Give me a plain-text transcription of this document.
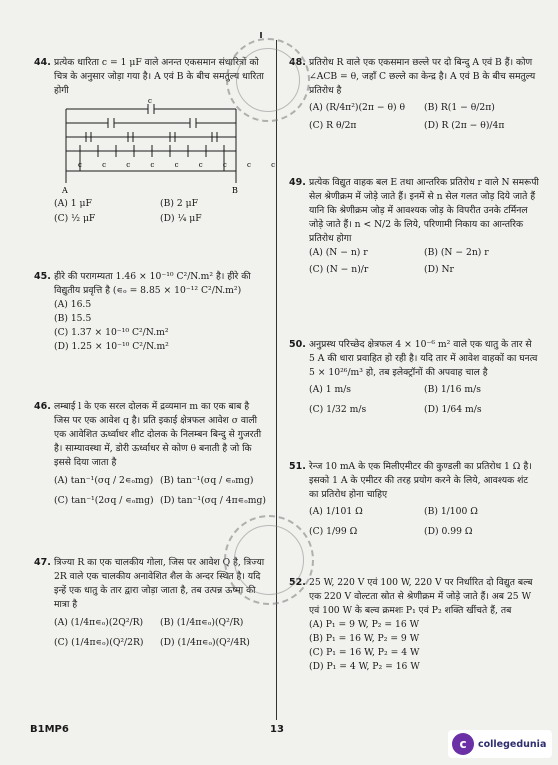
44. प्रत्येक धारिता c = 1 μF वाले अनन्त एकसमान संधारित्रों को चित्र के अनुसार जोड़ा गया है। A एवं B के बीच समतुल्य धारिता होगी
c
c c c c c c c c c
A	B
(A) 1 μF	(B) 2 μF
(C) ½ μF	(D) ¼ μF
45. हीरे की परागम्यता 1.46 × 10⁻¹⁰ C²/N.m² है। हीरे की विद्युतीय प्रवृत्ति है (∊ₒ = 8.85 × 10⁻¹² C²/N.m²)
(A) 16.5
(B) 15.5
(C) 1.37 × 10⁻¹⁰ C²/N.m²
(D) 1.25 × 10⁻¹⁰ C²/N.m²
46. लम्बाई l के एक सरल दोलक में द्रव्यमान m का एक बाब है जिस पर एक आवेश q है। प्रति इकाई क्षेत्रफल आवेश σ वाली एक आवेशित ऊर्ध्वाधर शीट दोलक के निलम्बन बिन्दु से गुजरती है। साम्यावस्था में, डोरी ऊर्ध्वाधर से कोण θ बनाती है जो कि इससे दिया जाता है
(A) tan⁻¹(σq / 2∊ₒmg) (B) tan⁻¹(σq / ∊ₒmg)
(C) tan⁻¹(2σq / ∊ₒmg) (D) tan⁻¹(σq / 4π∊ₒmg)
47. त्रिज्या R का एक चालकीय गोला, जिस पर आवेश Q है, त्रिज्या 2R वाले एक चालकीय अनावेशित शैल के अन्दर स्थित है। यदि इन्हें एक धातु के तार द्वारा जोड़ा जाता है, तब उत्पन्न ऊष्मा की मात्रा है
(A) (1/4π∊ₒ)(2Q²/R)	(B) (1/4π∊ₒ)(Q²/R)
(C) (1/4π∊ₒ)(Q²/2R)	(D) (1/4π∊ₒ)(Q²/4R)
48. प्रतिरोध R वाले एक एकसमान छल्ले पर दो बिन्दु A एवं B हैं। कोण ∠ACB = θ, जहाँ C छल्ले का केन्द्र है। A एवं B के बीच समतुल्य प्रतिरोध है
(A) (R/4π²)(2π − θ) θ	(B) R(1 − θ/2π)
(C) R θ/2π	(D) R (2π − θ)/4π
49. प्रत्येक विद्युत वाहक बल E तथा आन्तरिक प्रतिरोध r वाले N समरूपी सेल श्रेणीक्रम में जोड़े जाते हैं। इनमें से n सेल गलत जोड़ दिये जाते हैं यानि कि श्रेणीक्रम जोड़ में आवश्यक जोड़ के विपरीत उनके टर्मिनल जोड़े जाते हैं। n < N/2 के लिये, परिणामी निकाय का आन्तरिक प्रतिरोध होगा
(A) (N − n) r	(B) (N − 2n) r
(C) (N − n)/r	(D) Nr
50. अनुप्रस्थ परिच्छेद क्षेत्रफल 4 × 10⁻⁶ m² वाले एक धातु के तार से 5 A की धारा प्रवाहित हो रही है। यदि तार में आवेश वाहकों का घनत्व 5 × 10²⁶/m³ हो, तब इलेक्ट्रॉनों की अपवाह चाल है
(A) 1 m/s	(B) 1/16 m/s
(C) 1/32 m/s	(D) 1/64 m/s
51. रेन्ज 10 mA के एक मिलीएमीटर की कुण्डली का प्रतिरोध 1 Ω है। इसको 1 A के एमीटर की तरह प्रयोग करने के लिये, आवश्यक शंट का प्रतिरोध होना चाहिए
(A) 1/101 Ω	(B) 1/100 Ω
(C) 1/99 Ω	(D) 0.99 Ω
52. 25 W, 220 V एवं 100 W, 220 V पर निर्धारित दो विद्युत बल्ब एक 220 V वोल्टता स्रोत से श्रेणीक्रम में जोड़े जाते हैं। अब 25 W एवं 100 W के बल्व क्रमशः P₁ एवं P₂ शक्ति खींचते हैं, तब
(A) P₁ = 9 W, P₂ = 16 W
(B) P₁ = 16 W, P₂ = 9 W
(C) P₁ = 16 W, P₂ = 4 W
(D) P₁ = 4 W, P₂ = 16 W
B1MP6	13
c	collegedunia
